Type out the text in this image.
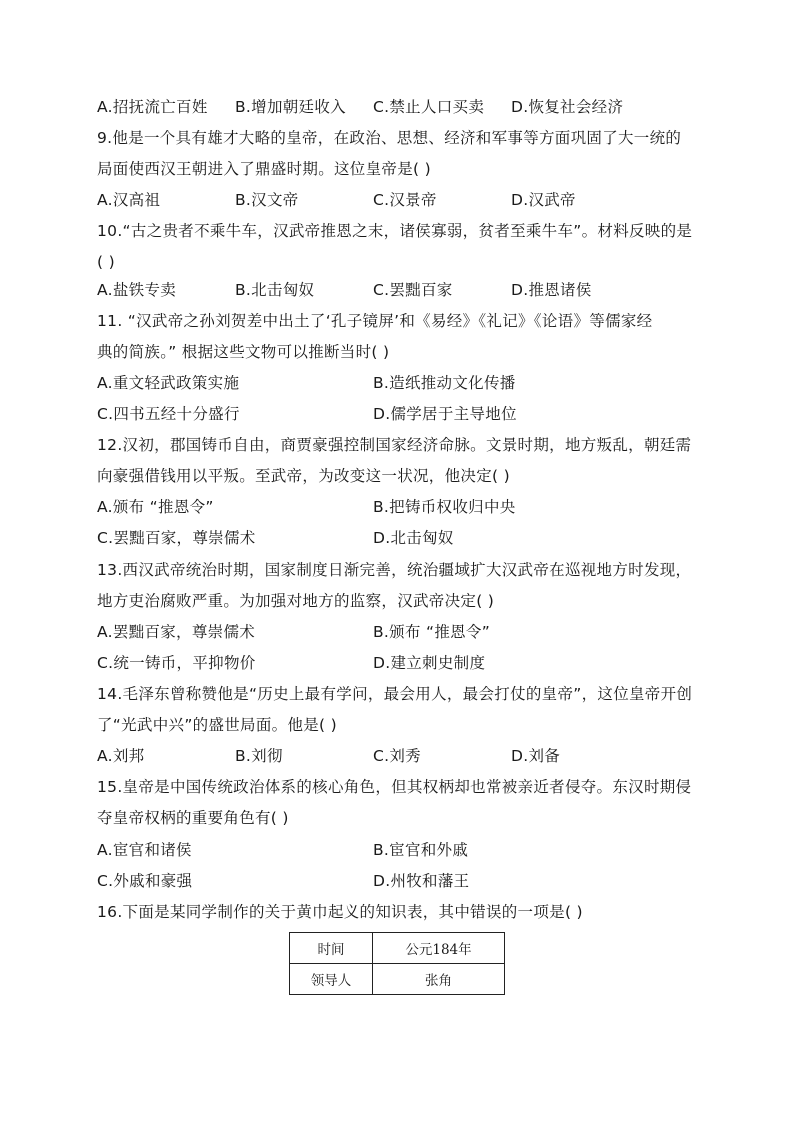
A.招抚流亡百姓 B.增加朝廷收入 C.禁止人口买卖 D.恢复社会经济
9.他是一个具有雄才大略的皇帝，在政治、思想、经济和军事等方面巩固了大一统的
局面使西汉王朝进入了鼎盛时期。这位皇帝是( )
A.汉高祖	B.汉文帝	C.汉景帝	D.汉武帝
10.“古之贵者不乘牛车，汉武帝推恩之末，诸侯寡弱，贫者至乘牛车”。材料反映的是
( )
A.盐铁专卖	B.北击匈奴	C.罢黜百家	D.推恩诸侯
11. “汉武帝之孙刘贺差中出土了‘孔子镜屏’和《易经》《礼记》《论语》等儒家经
典的简族。” 根据这些文物可以推断当时( )
A.重文轻武政策实施	B.造纸推动文化传播
C.四书五经十分盛行	D.儒学居于主导地位
12.汉初，郡国铸币自由，商贾豪强控制国家经济命脉。文景时期，地方叛乱，朝廷需
向豪强借钱用以平叛。至武帝，为改变这一状况，他决定( )
A.颁布 “推恩令”	B.把铸币权收归中央
C.罢黜百家，尊崇儒术	D.北击匈奴
13.西汉武帝统治时期，国家制度日渐完善，统治疆域扩大汉武帝在巡视地方时发现，
地方吏治腐败严重。为加强对地方的监察，汉武帝决定( )
A.罢黜百家，尊崇儒术	B.颁布 “推恩令”
C.统一铸币，平抑物价	D.建立刺史制度
14.毛泽东曾称赞他是“历史上最有学问，最会用人，最会打仗的皇帝”，这位皇帝开创
了“光武中兴”的盛世局面。他是( )
A.刘邦	B.刘彻	C.刘秀	D.刘备
15.皇帝是中国传统政治体系的核心角色，但其权柄却也常被亲近者侵夺。东汉时期侵
夺皇帝权柄的重要角色有( )
A.宦官和诸侯	B.宦官和外戚
C.外戚和豪强	D.州牧和藩王
16.下面是某同学制作的关于黄巾起义的知识表，其中错误的一项是( )
时间	公元184年
领导人	张角
